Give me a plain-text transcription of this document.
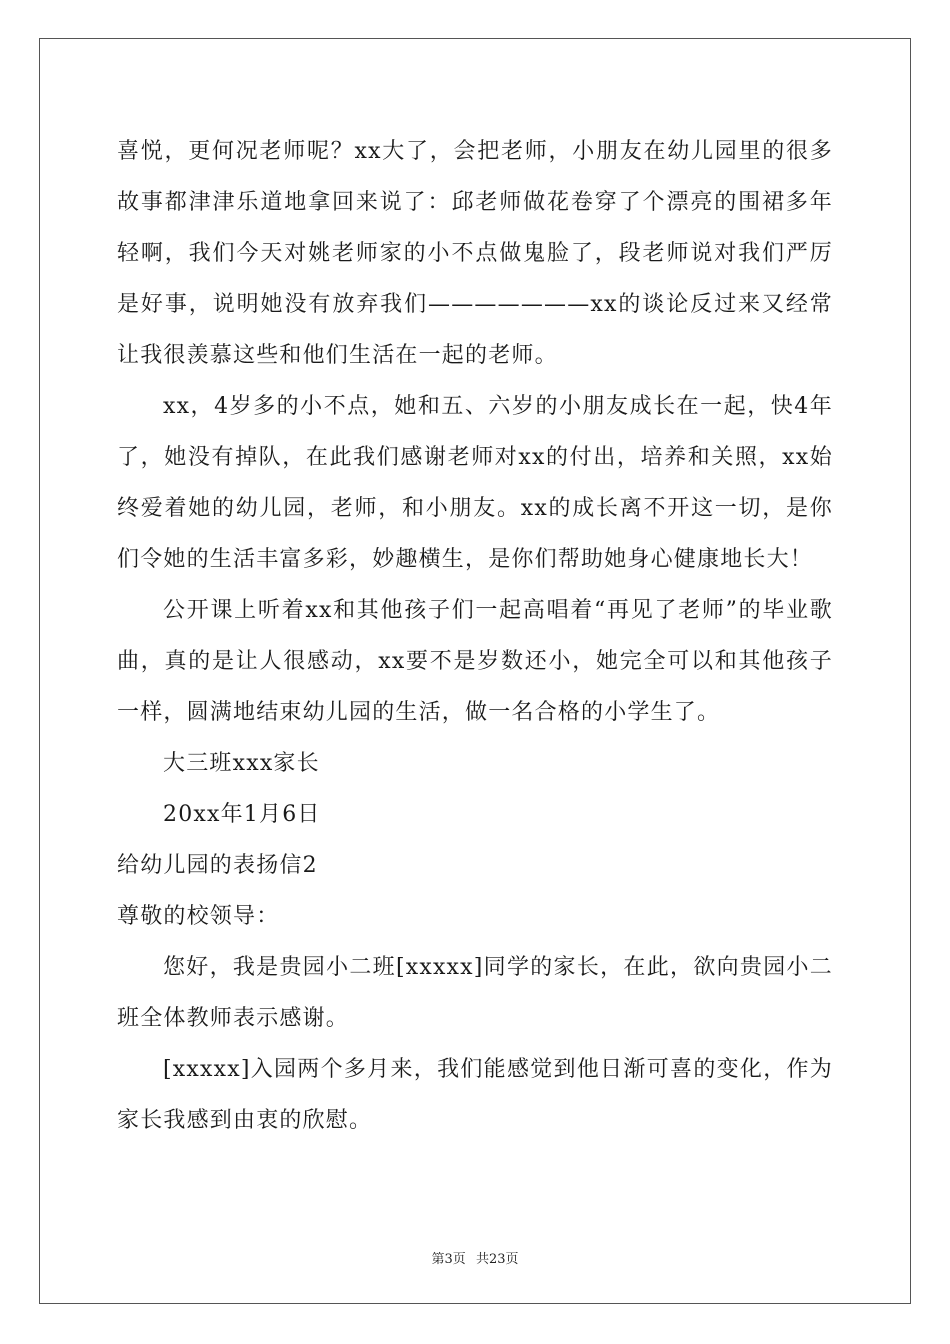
喜悦，更何况老师呢？xx大了，会把老师，小朋友在幼儿园里的很多故事都津津乐道地拿回来说了：邱老师做花卷穿了个漂亮的围裙多年轻啊，我们今天对姚老师家的小不点做鬼脸了，段老师说对我们严厉是好事，说明她没有放弃我们———————xx的谈论反过来又经常让我很羡慕这些和他们生活在一起的老师。

xx，4岁多的小不点，她和五、六岁的小朋友成长在一起，快4年了，她没有掉队，在此我们感谢老师对xx的付出，培养和关照，xx始终爱着她的幼儿园，老师，和小朋友。xx的成长离不开这一切，是你们令她的生活丰富多彩，妙趣横生，是你们帮助她身心健康地长大！

公开课上听着xx和其他孩子们一起高唱着“再见了老师”的毕业歌曲，真的是让人很感动，xx要不是岁数还小，她完全可以和其他孩子一样，圆满地结束幼儿园的生活，做一名合格的小学生了。

大三班xxx家长

20xx年1月6日

给幼儿园的表扬信2

尊敬的校领导：

您好，我是贵园小二班[xxxxx]同学的家长，在此，欲向贵园小二班全体教师表示感谢。

[xxxxx]入园两个多月来，我们能感觉到他日渐可喜的变化，作为家长我感到由衷的欣慰。

第3页 共23页
